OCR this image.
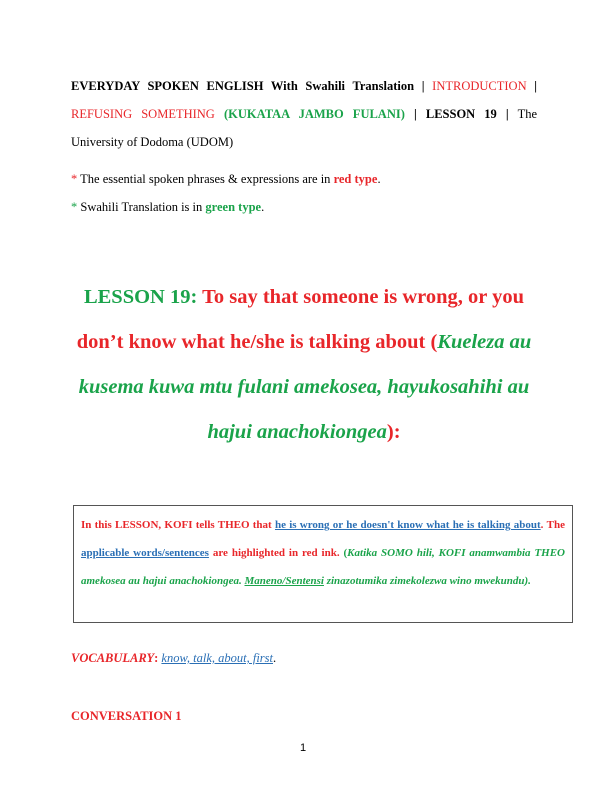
EVERYDAY SPOKEN ENGLISH With Swahili Translation | INTRODUCTION | REFUSING SOMETHING (KUKATAA JAMBO FULANI) | LESSON 19 | The University of Dodoma (UDOM)
* The essential spoken phrases & expressions are in red type.
* Swahili Translation is in green type.
LESSON 19: To say that someone is wrong, or you don’t know what he/she is talking about (Kueleza au kusema kuwa mtu fulani amekosea, hayukosahihi au hajui anachokiongea):
In this LESSON, KOFI tells THEO that he is wrong or he doesn't know what he is talking about. The applicable words/sentences are highlighted in red ink. (Katika SOMO hili, KOFI anamwambia THEO amekosea au hajui anachokiongea. Maneno/Sentensi zinazotumika zimekolezwa wino mwekundu).
VOCABULARY: know, talk, about, first.
CONVERSATION 1
1
